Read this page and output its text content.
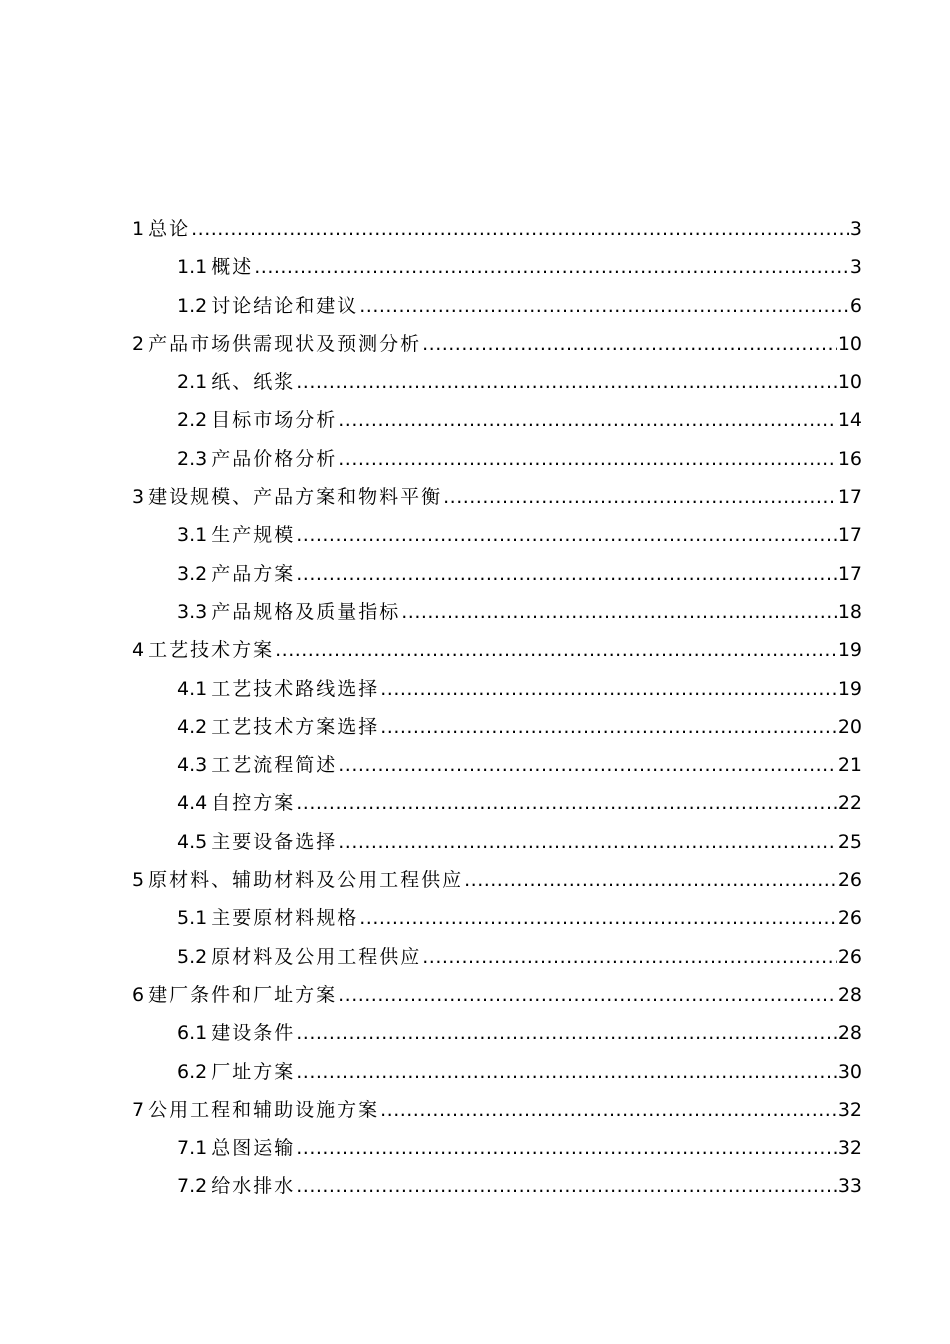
1 总论 .....	3
1.1 概述 .....	3
1.2 讨论结论和建议 .....	6
2 产品市场供需现状及预测分析 .....	10
2.1 纸、纸浆 .....	10
2.2 目标市场分析 .....	14
2.3 产品价格分析 .....	16
3 建设规模、产品方案和物料平衡 .....	17
3.1 生产规模 .....	17
3.2 产品方案 .....	17
3.3 产品规格及质量指标 .....	18
4 工艺技术方案 .....	19
4.1 工艺技术路线选择 .....	19
4.2 工艺技术方案选择 .....	20
4.3 工艺流程简述 .....	21
4.4 自控方案 .....	22
4.5 主要设备选择 .....	25
5 原材料、辅助材料及公用工程供应 .....	26
5.1 主要原材料规格 .....	26
5.2 原材料及公用工程供应 .....	26
6 建厂条件和厂址方案 .....	28
6.1 建设条件 .....	28
6.2 厂址方案 .....	30
7 公用工程和辅助设施方案 .....	32
7.1 总图运输 .....	32
7.2 给水排水 .....	33
